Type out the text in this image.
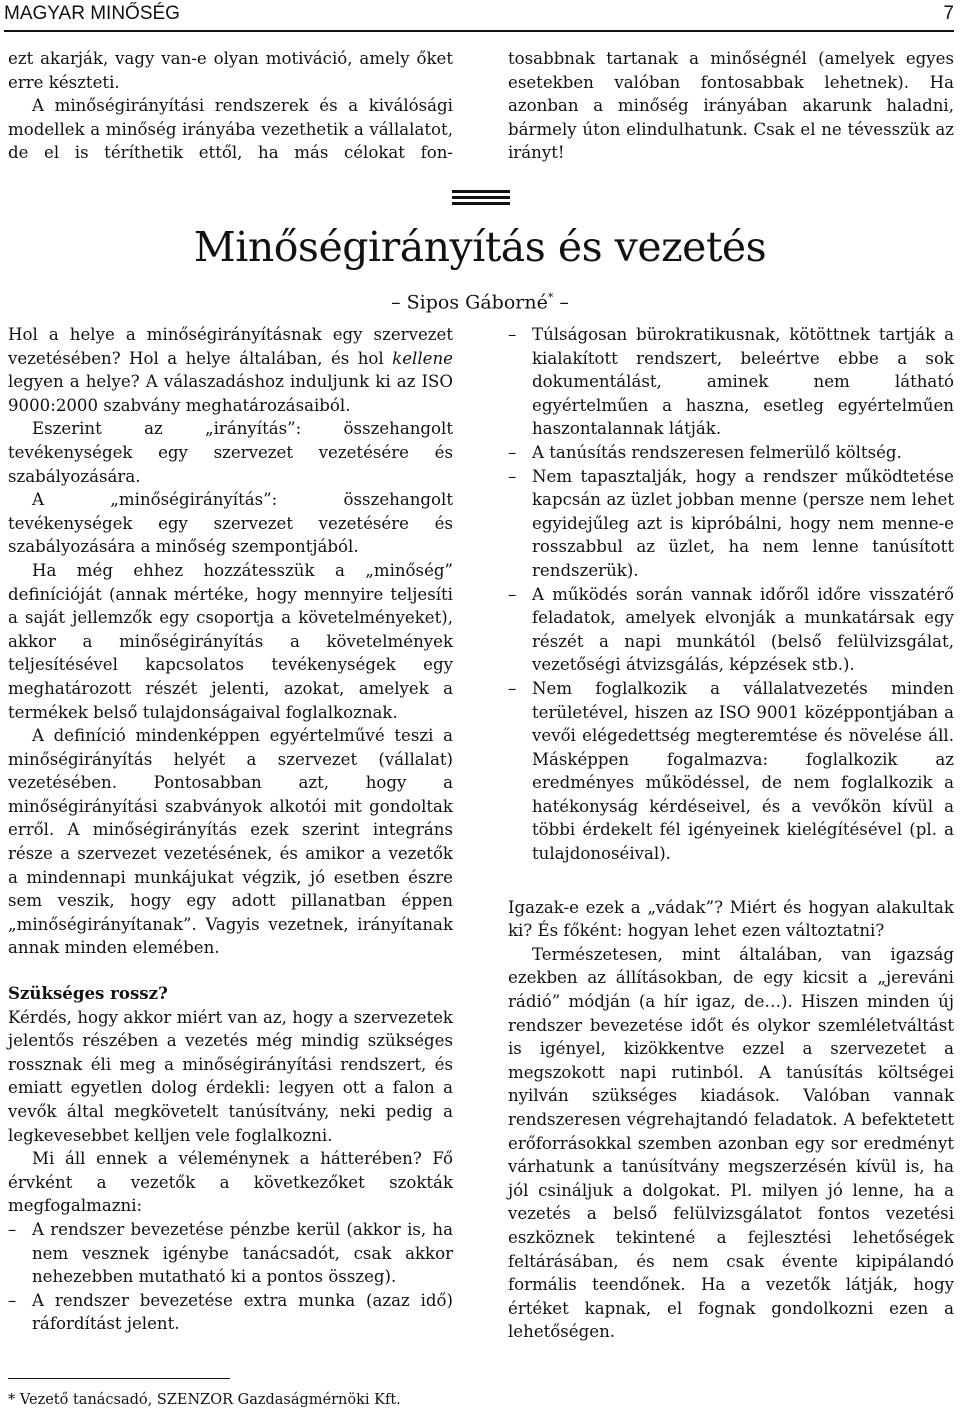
MAGYAR MINŐSÉG	7

ezt akarják, vagy van-e olyan motiváció, amely őket erre készteti.

A minőségirányítási rendszerek és a kiválósági modellek a minőség irányába vezethetik a vállalatot, de el is téríthetik ettől, ha más célokat fon-

tosabbnak tartanak a minőségnél (amelyek egyes esetekben valóban fontosabbak lehetnek). Ha azonban a minőség irányában akarunk haladni, bármely úton elindulhatunk. Csak el ne tévesszük az irányt!

Minőségirányítás és vezetés
– Sipos Gáborné* –

Hol a helye a minőségirányításnak egy szervezet vezetésében? Hol a helye általában, és hol kellene legyen a helye? A válaszadáshoz induljunk ki az ISO 9000:2000 szabvány meghatározásaiból.

Eszerint az „irányítás”: összehangolt tevékenységek egy szervezet vezetésére és szabályozására.

A „minőségirányítás”: összehangolt tevékenységek egy szervezet vezetésére és szabályozására a minőség szempontjából.

Ha még ehhez hozzátesszük a „minőség” definícióját (annak mértéke, hogy mennyire teljesíti a saját jellemzők egy csoportja a követelményeket), akkor a minőségirányítás a követelmények teljesítésével kapcsolatos tevékenységek egy meghatározott részét jelenti, azokat, amelyek a termékek belső tulajdonságaival foglalkoznak.

A definíció mindenképpen egyértelművé teszi a minőségirányítás helyét a szervezet (vállalat) vezetésében. Pontosabban azt, hogy a minőségirányítási szabványok alkotói mit gondoltak erről. A minőségirányítás ezek szerint integráns része a szervezet vezetésének, és amikor a vezetők a mindennapi munkájukat végzik, jó esetben észre sem veszik, hogy egy adott pillanatban éppen „minőségirányítanak”. Vagyis vezetnek, irányítanak annak minden elemében.

Szükséges rossz?

Kérdés, hogy akkor miért van az, hogy a szervezetek jelentős részében a vezetés még mindig szükséges rossznak éli meg a minőségirányítási rendszert, és emiatt egyetlen dolog érdekli: legyen ott a falon a vevők által megkövetelt tanúsítvány, neki pedig a legkevesebbet kelljen vele foglalkozni.

Mi áll ennek a véleménynek a hátterében? Fő érvként a vezetők a következőket szokták megfogalmazni:

– A rendszer bevezetése pénzbe kerül (akkor is, ha nem vesznek igénybe tanácsadót, csak akkor nehezebben mutatható ki a pontos összeg).
– A rendszer bevezetése extra munka (azaz idő) ráfordítást jelent.
– Túlságosan bürokratikusnak, kötöttnek tartják a kialakított rendszert, beleértve ebbe a sok dokumentálást, aminek nem látható egyértelműen a haszna, esetleg egyértelműen haszontalannak látják.
– A tanúsítás rendszeresen felmerülő költség.
– Nem tapasztalják, hogy a rendszer működtetése kapcsán az üzlet jobban menne (persze nem lehet egyidejűleg azt is kipróbálni, hogy nem menne-e rosszabbul az üzlet, ha nem lenne tanúsított rendszerük).
– A működés során vannak időről időre visszatérő feladatok, amelyek elvonják a munkatársak egy részét a napi munkától (belső felülvizsgálat, vezetőségi átvizsgálás, képzések stb.).
– Nem foglalkozik a vállalatvezetés minden területével, hiszen az ISO 9001 középpontjában a vevői elégedettség megteremtése és növelése áll. Másképpen fogalmazva: foglalkozik az eredményes működéssel, de nem foglalkozik a hatékonyság kérdéseivel, és a vevőkön kívül a többi érdekelt fél igényeinek kielégítésével (pl. a tulajdonoséival).

Igazak-e ezek a „vádak”? Miért és hogyan alakultak ki? És főként: hogyan lehet ezen változtatni?

Természetesen, mint általában, van igazság ezekben az állításokban, de egy kicsit a „jereváni rádió” módján (a hír igaz, de…). Hiszen minden új rendszer bevezetése időt és olykor szemléletváltást is igényel, kizökkentve ezzel a szervezetet a megszokott napi rutinból. A tanúsítás költségei nyilván szükséges kiadások. Valóban vannak rendszeresen végrehajtandó feladatok. A befektetett erőforrásokkal szemben azonban egy sor eredményt várhatunk a tanúsítvány megszerzésén kívül is, ha jól csináljuk a dolgokat. Pl. milyen jó lenne, ha a vezetés a belső felülvizsgálatot fontos vezetési eszköznek tekintené a fejlesztési lehetőségek feltárásában, és nem csak évente kipipálandó formális teendőnek. Ha a vezetők látják, hogy értéket kapnak, el fognak gondolkozni ezen a lehetőségen.

* Vezető tanácsadó, SZENZOR Gazdaságmérnöki Kft.
